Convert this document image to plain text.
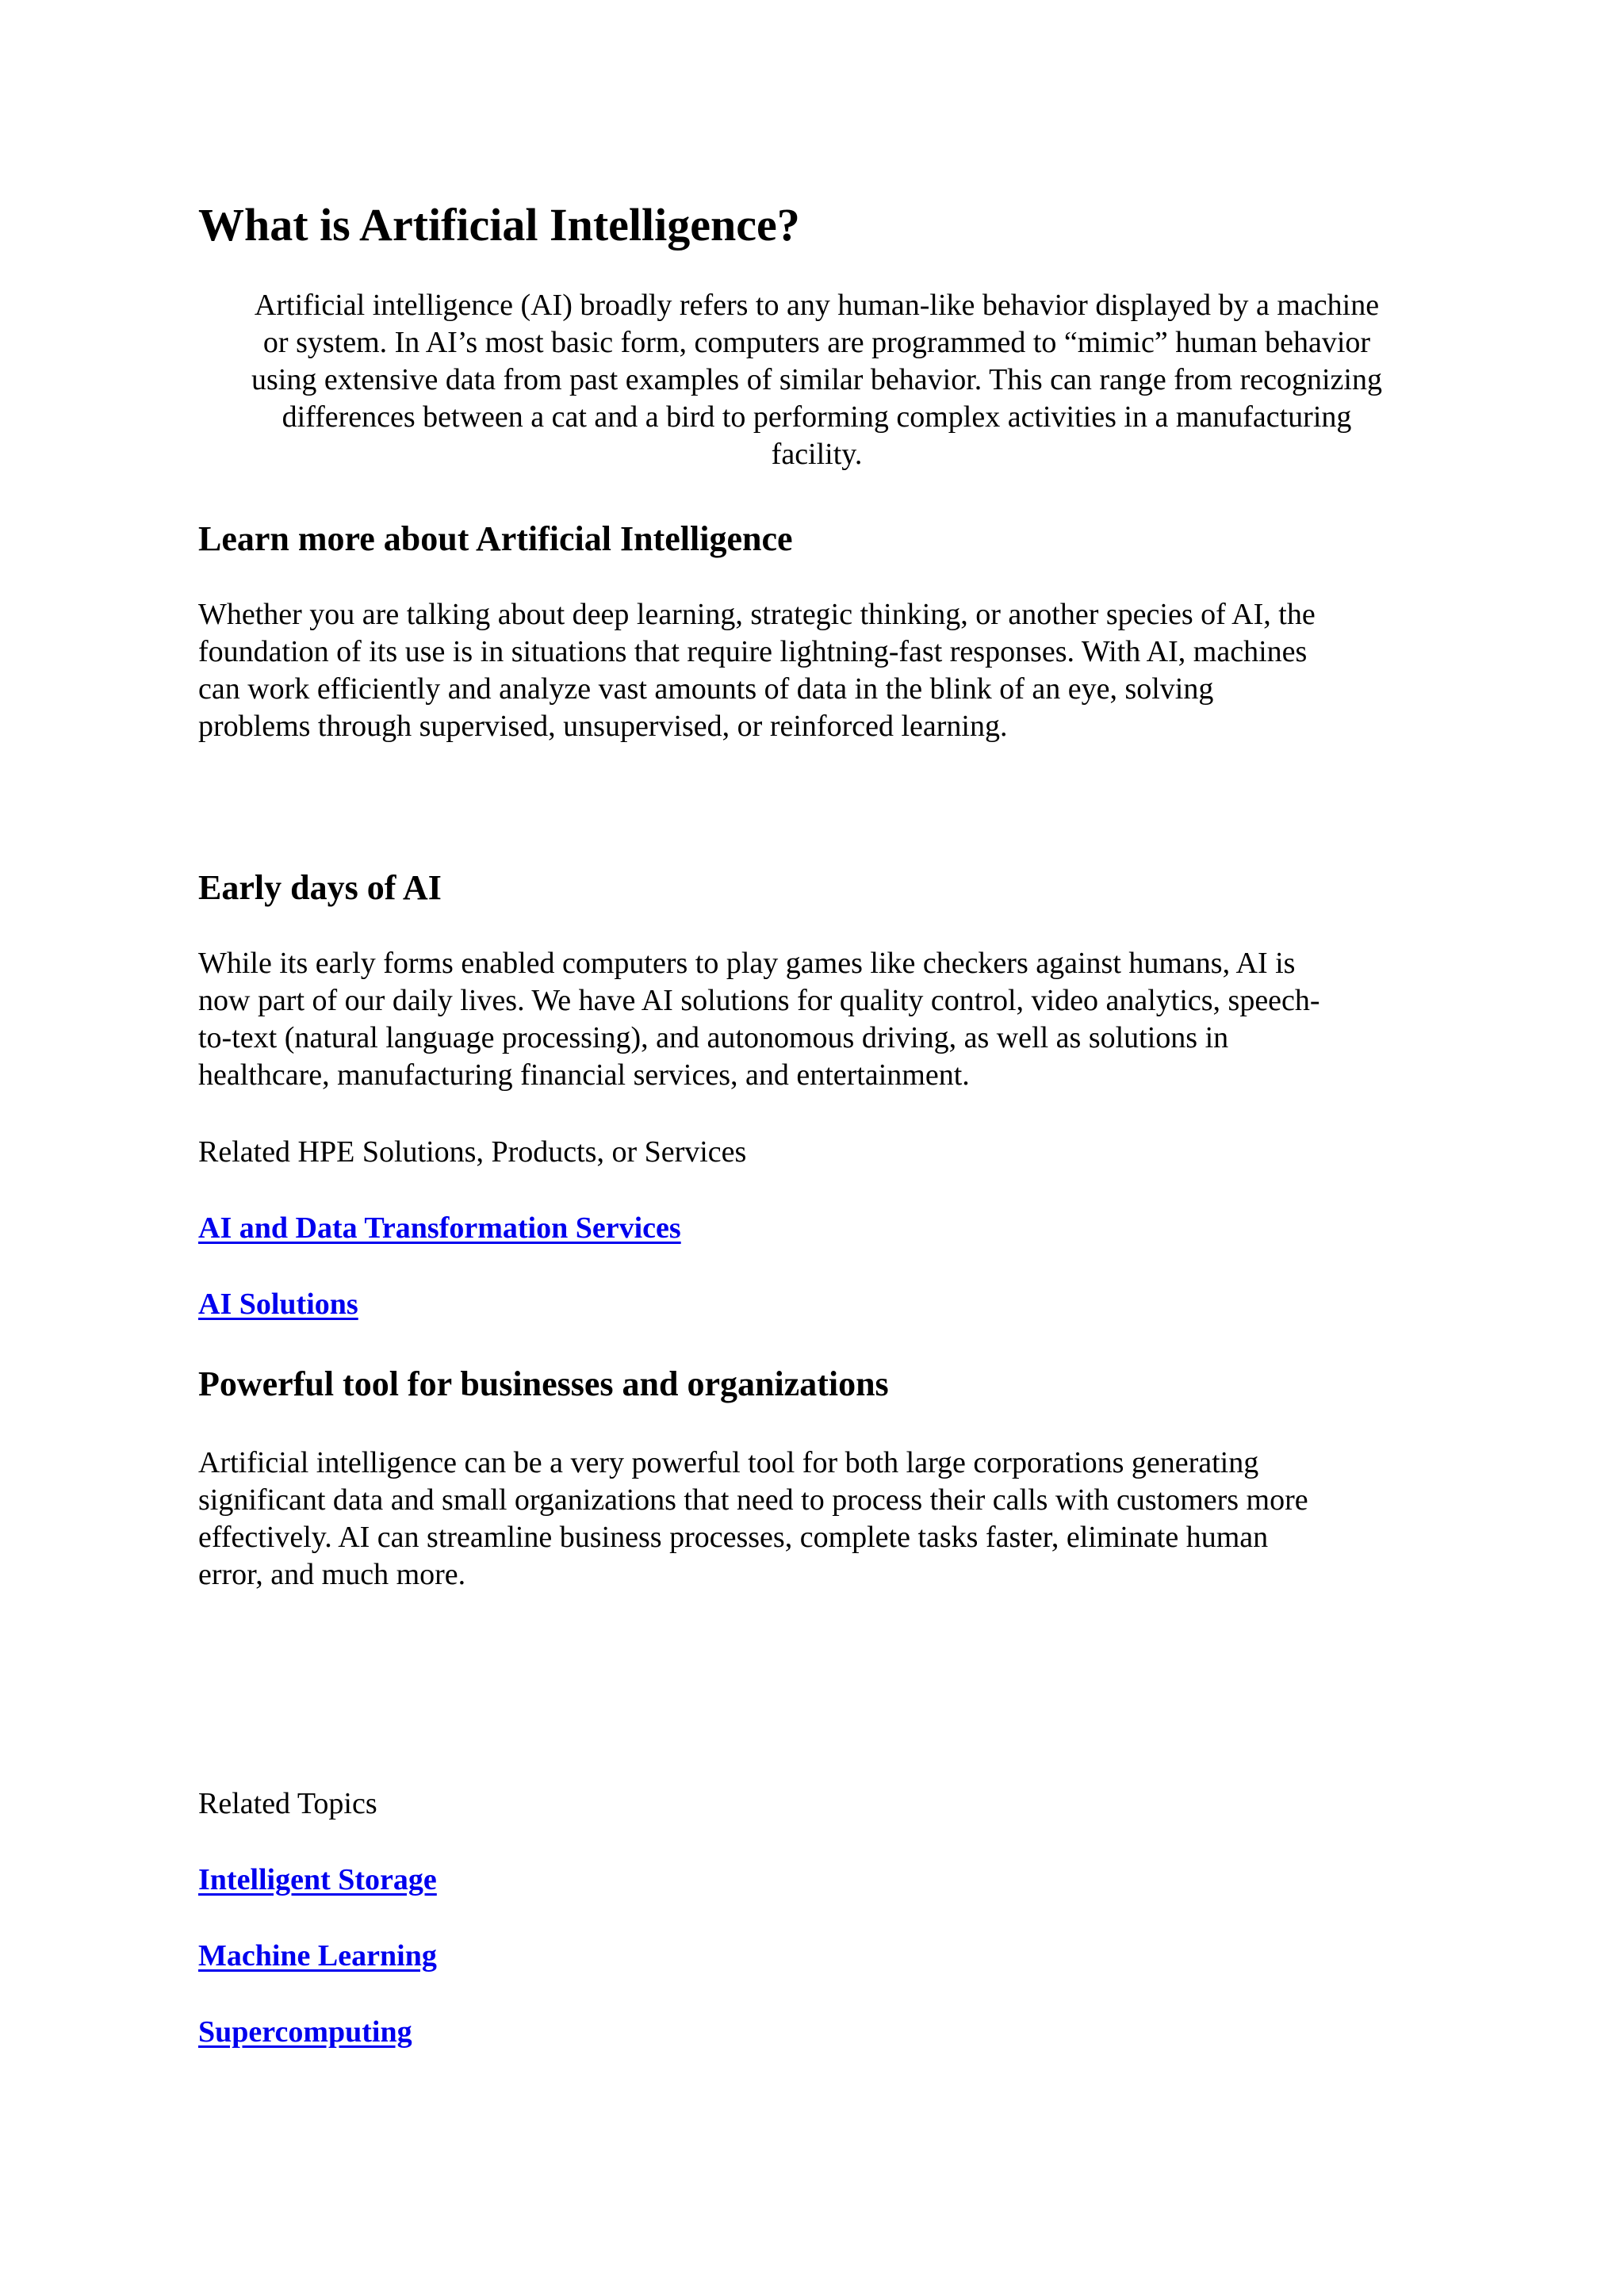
What is Artificial Intelligence?
Artificial intelligence (AI) broadly refers to any human-like behavior displayed by a machine
or system. In AI’s most basic form, computers are programmed to “mimic” human behavior
using extensive data from past examples of similar behavior. This can range from recognizing
differences between a cat and a bird to performing complex activities in a manufacturing
facility.
Learn more about Artificial Intelligence
Whether you are talking about deep learning, strategic thinking, or another species of AI, the
foundation of its use is in situations that require lightning-fast responses. With AI, machines
can work efficiently and analyze vast amounts of data in the blink of an eye, solving
problems through supervised, unsupervised, or reinforced learning.
Early days of AI
While its early forms enabled computers to play games like checkers against humans, AI is
now part of our daily lives. We have AI solutions for quality control, video analytics, speech-
to-text (natural language processing), and autonomous driving, as well as solutions in
healthcare, manufacturing financial services, and entertainment.

Related HPE Solutions, Products, or Services

AI and Data Transformation Services
AI Solutions
Powerful tool for businesses and organizations
Artificial intelligence can be a very powerful tool for both large corporations generating
significant data and small organizations that need to process their calls with customers more
effectively. AI can streamline business processes, complete tasks faster, eliminate human
error, and much more.

Related Topics

Intelligent Storage
Machine Learning
Supercomputing
